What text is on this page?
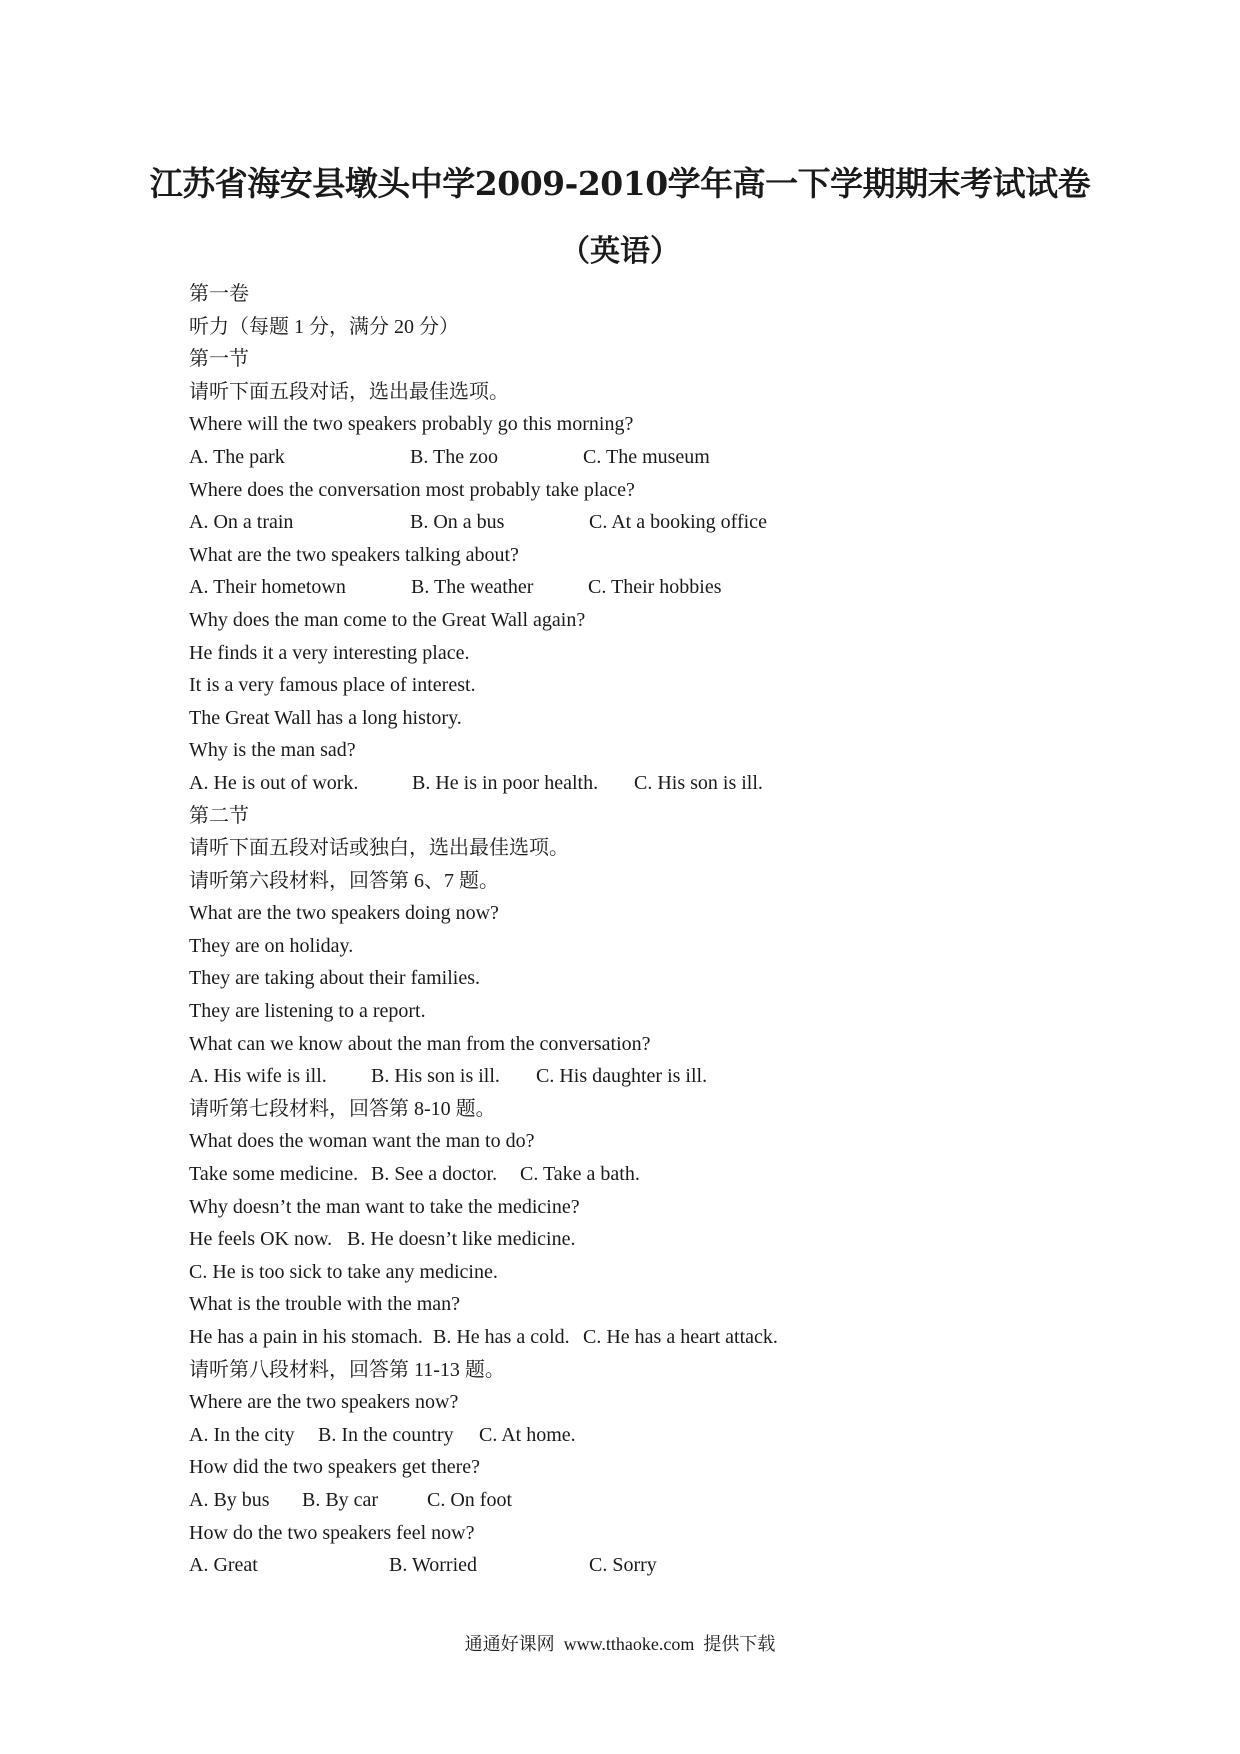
江苏省海安县墩头中学2009-2010学年高一下学期期末考试试卷
（英语）
第一卷
听力（每题 1 分，满分 20 分）
第一节
请听下面五段对话，选出最佳选项。
Where will the two speakers probably go this morning?
A. The park	B. The zoo	C. The museum
Where does the conversation most probably take place?
A. On a train	B. On a bus	C. At a booking office
What are the two speakers talking about?
A. Their hometown	B. The weather	C. Their hobbies
Why does the man come to the Great Wall again?
He finds it a very interesting place.
It is a very famous place of interest.
The Great Wall has a long history.
Why is the man sad?
A. He is out of work.	B. He is in poor health. C. His son is ill.
第二节
请听下面五段对话或独白，选出最佳选项。
请听第六段材料，回答第 6、7 题。
What are the two speakers doing now?
They are on holiday.
They are taking about their families.
They are listening to a report.
What can we know about the man from the conversation?
A. His wife is ill. B. His son is ill. C. His daughter is ill.
请听第七段材料，回答第 8-10 题。
What does the woman want the man to do?
Take some medicine. B. See a doctor. C. Take a bath.
Why doesn’t the man want to take the medicine?
He feels OK now. B. He doesn’t like medicine.
C. He is too sick to take any medicine.
What is the trouble with the man?
He has a pain in his stomach. B. He has a cold. C. He has a heart attack.
请听第八段材料，回答第 11-13 题。
Where are the two speakers now?
A. In the city B. In the country C. At home.
How did the two speakers get there?
A. By bus B. By car C. On foot
How do the two speakers feel now?
A. Great	B. Worried	C. Sorry
通通好课网  www.tthaoke.com  提供下载
